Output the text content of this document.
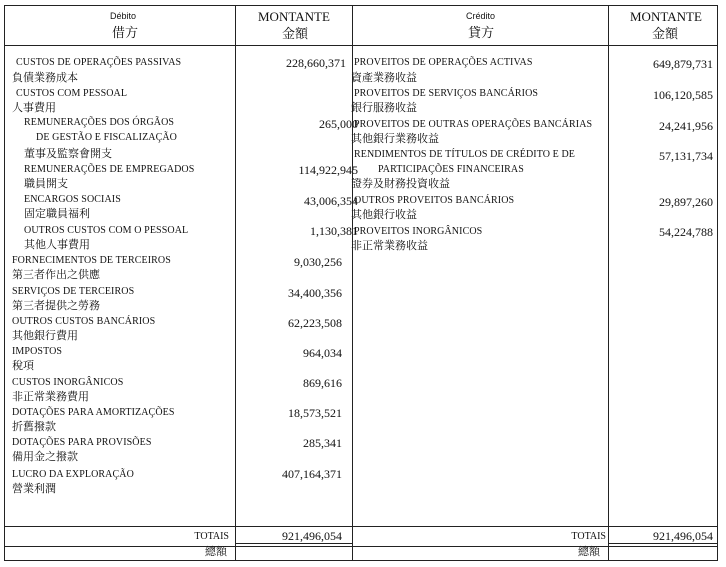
Débito
借方
MONTANTE
金額
Crédito
貸方
MONTANTE
金額
CUSTOS DE OPERAÇÕES PASSIVAS
負債業務成本
228,660,371
CUSTOS COM PESSOAL
人事費用
REMUNERAÇÕES DOS ÓRGÃOS
DE GESTÃO E FISCALIZAÇÃO
董事及監察會開支
265,000
REMUNERAÇÕES DE EMPREGADOS
職員開支
114,922,945
ENCARGOS SOCIAIS
固定職員福利
43,006,354
OUTROS CUSTOS COM O PESSOAL
其他人事費用
1,130,381
FORNECIMENTOS DE TERCEIROS
第三者作出之供應
9,030,256
SERVIÇOS DE TERCEIROS
第三者提供之勞務
34,400,356
OUTROS CUSTOS BANCÁRIOS
其他銀行費用
62,223,508
IMPOSTOS
稅項
964,034
CUSTOS INORGÂNICOS
非正常業務費用
869,616
DOTAÇÕES PARA AMORTIZAÇÕES
折舊撥款
18,573,521
DOTAÇÕES PARA PROVISÕES
備用金之撥款
285,341
LUCRO DA EXPLORAÇÃO
營業利潤
407,164,371
PROVEITOS DE OPERAÇÕES ACTIVAS
資產業務收益
649,879,731
PROVEITOS DE SERVIÇOS BANCÁRIOS
銀行服務收益
106,120,585
PROVEITOS DE OUTRAS OPERAÇÕES BANCÁRIAS
其他銀行業務收益
24,241,956
RENDIMENTOS DE TÍTULOS DE CRÉDITO E DE
PARTICIPAÇÕES FINANCEIRAS
證券及財務投資收益
57,131,734
OUTROS PROVEITOS BANCÁRIOS
其他銀行收益
29,897,260
PROVEITOS INORGÂNICOS
非正常業務收益
54,224,788
TOTAIS
總額
921,496,054	TOTAIS
總額
921,496,054
